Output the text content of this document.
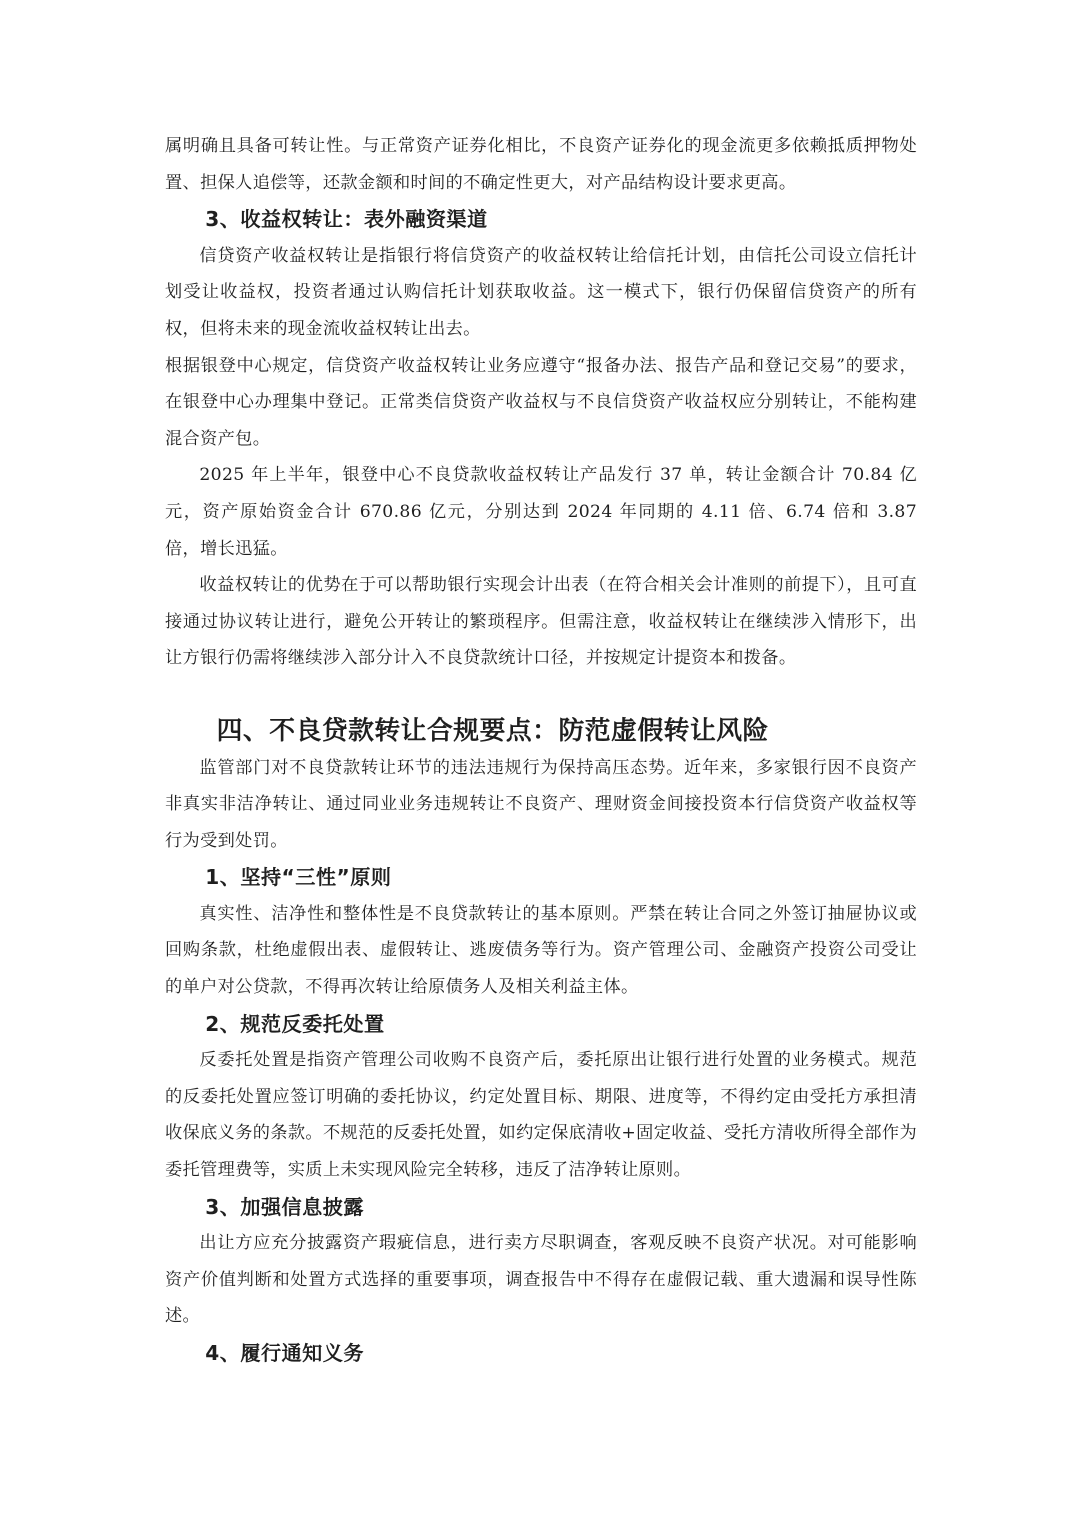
属明确且具备可转让性。与正常资产证券化相比，不良资产证券化的现金流更多依赖抵质押物处置、担保人追偿等，还款金额和时间的不确定性更大，对产品结构设计要求更高。

3、收益权转让：表外融资渠道

信贷资产收益权转让是指银行将信贷资产的收益权转让给信托计划，由信托公司设立信托计划受让收益权，投资者通过认购信托计划获取收益。这一模式下，银行仍保留信贷资产的所有权，但将未来的现金流收益权转让出去。

根据银登中心规定，信贷资产收益权转让业务应遵守“报备办法、报告产品和登记交易”的要求，在银登中心办理集中登记。正常类信贷资产收益权与不良信贷资产收益权应分别转让，不能构建混合资产包。

2025 年上半年，银登中心不良贷款收益权转让产品发行 37 单，转让金额合计 70.84 亿元，资产原始资金合计 670.86 亿元，分别达到 2024 年同期的 4.11 倍、6.74 倍和 3.87 倍，增长迅猛。

收益权转让的优势在于可以帮助银行实现会计出表（在符合相关会计准则的前提下），且可直接通过协议转让进行，避免公开转让的繁琐程序。但需注意，收益权转让在继续涉入情形下，出让方银行仍需将继续涉入部分计入不良贷款统计口径，并按规定计提资本和拨备。

四、不良贷款转让合规要点：防范虚假转让风险

监管部门对不良贷款转让环节的违法违规行为保持高压态势。近年来，多家银行因不良资产非真实非洁净转让、通过同业业务违规转让不良资产、理财资金间接投资本行信贷资产收益权等行为受到处罚。

1、坚持“三性”原则

真实性、洁净性和整体性是不良贷款转让的基本原则。严禁在转让合同之外签订抽屉协议或回购条款，杜绝虚假出表、虚假转让、逃废债务等行为。资产管理公司、金融资产投资公司受让的单户对公贷款，不得再次转让给原债务人及相关利益主体。

2、规范反委托处置

反委托处置是指资产管理公司收购不良资产后，委托原出让银行进行处置的业务模式。规范的反委托处置应签订明确的委托协议，约定处置目标、期限、进度等，不得约定由受托方承担清收保底义务的条款。不规范的反委托处置，如约定保底清收+固定收益、受托方清收所得全部作为委托管理费等，实质上未实现风险完全转移，违反了洁净转让原则。

3、加强信息披露

出让方应充分披露资产瑕疵信息，进行卖方尽职调查，客观反映不良资产状况。对可能影响资产价值判断和处置方式选择的重要事项，调查报告中不得存在虚假记载、重大遗漏和误导性陈述。

4、履行通知义务
